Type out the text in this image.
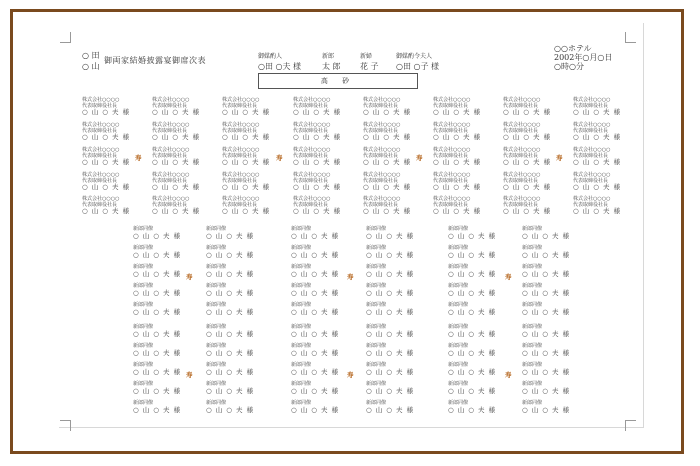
○ 田
○ 山
御両家結婚披露宴御席次表	御媒酌人
○田 ○夫 様
新郎
太 郎
新婦
花 子
御媒酌令夫人
○田 ○子 様
○○ホテル
2002年○月○日
○時○分
高 砂
株式会社○○○○
代表取締役社長
○ 山 ○ 夫 様
株式会社○○○○
代表取締役社長
○ 山 ○ 夫 様
株式会社○○○○
代表取締役社長
○ 山 ○ 夫 様
株式会社○○○○
代表取締役社長
○ 山 ○ 夫 様
株式会社○○○○
代表取締役社長
○ 山 ○ 夫 様
株式会社○○○○
代表取締役社長
○ 山 ○ 夫 様
株式会社○○○○
代表取締役社長
○ 山 ○ 夫 様
株式会社○○○○
代表取締役社長
○ 山 ○ 夫 様
株式会社○○○○
代表取締役社長
○ 山 ○ 夫 様
株式会社○○○○
代表取締役社長
○ 山 ○ 夫 様
株式会社○○○○
代表取締役社長
○ 山 ○ 夫 様
株式会社○○○○
代表取締役社長
○ 山 ○ 夫 様
株式会社○○○○
代表取締役社長
○ 山 ○ 夫 様
株式会社○○○○
代表取締役社長
○ 山 ○ 夫 様
株式会社○○○○
代表取締役社長
○ 山 ○ 夫 様
株式会社○○○○
代表取締役社長
○ 山 ○ 夫 様
株式会社○○○○
代表取締役社長
○ 山 ○ 夫 様
株式会社○○○○
代表取締役社長
○ 山 ○ 夫 様
株式会社○○○○
代表取締役社長
○ 山 ○ 夫 様
株式会社○○○○
代表取締役社長
○ 山 ○ 夫 様
株式会社○○○○
代表取締役社長
○ 山 ○ 夫 様
株式会社○○○○
代表取締役社長
○ 山 ○ 夫 様
株式会社○○○○
代表取締役社長
○ 山 ○ 夫 様
株式会社○○○○
代表取締役社長
○ 山 ○ 夫 様
株式会社○○○○
代表取締役社長
○ 山 ○ 夫 様
株式会社○○○○
代表取締役社長
○ 山 ○ 夫 様
株式会社○○○○
代表取締役社長
○ 山 ○ 夫 様
株式会社○○○○
代表取締役社長
○ 山 ○ 夫 様
株式会社○○○○
代表取締役社長
○ 山 ○ 夫 様
株式会社○○○○
代表取締役社長
○ 山 ○ 夫 様
株式会社○○○○
代表取締役社長
○ 山 ○ 夫 様
株式会社○○○○
代表取締役社長
○ 山 ○ 夫 様
株式会社○○○○
代表取締役社長
○ 山 ○ 夫 様
株式会社○○○○
代表取締役社長
○ 山 ○ 夫 様
株式会社○○○○
代表取締役社長
○ 山 ○ 夫 様
株式会社○○○○
代表取締役社長
○ 山 ○ 夫 様
株式会社○○○○
代表取締役社長
○ 山 ○ 夫 様
株式会社○○○○
代表取締役社長
○ 山 ○ 夫 様
株式会社○○○○
代表取締役社長
○ 山 ○ 夫 様
株式会社○○○○
代表取締役社長
○ 山 ○ 夫 様
寿	寿	寿	寿
新郎同僚
○ 山 ○ 夫 様
新郎同僚
○ 山 ○ 夫 様
新郎同僚
○ 山 ○ 夫 様
新郎同僚
○ 山 ○ 夫 様
新郎同僚
○ 山 ○ 夫 様
新郎同僚
○ 山 ○ 夫 様
新郎同僚
○ 山 ○ 夫 様
新郎同僚
○ 山 ○ 夫 様
新郎同僚
○ 山 ○ 夫 様
新郎同僚
○ 山 ○ 夫 様
新郎同僚
○ 山 ○ 夫 様
新郎同僚
○ 山 ○ 夫 様
新郎同僚
○ 山 ○ 夫 様
新郎同僚
○ 山 ○ 夫 様
新郎同僚
○ 山 ○ 夫 様
新郎同僚
○ 山 ○ 夫 様
新郎同僚
○ 山 ○ 夫 様
新郎同僚
○ 山 ○ 夫 様
新郎同僚
○ 山 ○ 夫 様
新郎同僚
○ 山 ○ 夫 様
新郎同僚
○ 山 ○ 夫 様
新郎同僚
○ 山 ○ 夫 様
新郎同僚
○ 山 ○ 夫 様
新郎同僚
○ 山 ○ 夫 様
新郎同僚
○ 山 ○ 夫 様
新郎同僚
○ 山 ○ 夫 様
新郎同僚
○ 山 ○ 夫 様
新郎同僚
○ 山 ○ 夫 様
新郎同僚
○ 山 ○ 夫 様
新郎同僚
○ 山 ○ 夫 様
寿	寿	寿
新郎同僚
○ 山 ○ 夫 様
新郎同僚
○ 山 ○ 夫 様
新郎同僚
○ 山 ○ 夫 様
新郎同僚
○ 山 ○ 夫 様
新郎同僚
○ 山 ○ 夫 様
新郎同僚
○ 山 ○ 夫 様
新郎同僚
○ 山 ○ 夫 様
新郎同僚
○ 山 ○ 夫 様
新郎同僚
○ 山 ○ 夫 様
新郎同僚
○ 山 ○ 夫 様
新郎同僚
○ 山 ○ 夫 様
新郎同僚
○ 山 ○ 夫 様
新郎同僚
○ 山 ○ 夫 様
新郎同僚
○ 山 ○ 夫 様
新郎同僚
○ 山 ○ 夫 様
新郎同僚
○ 山 ○ 夫 様
新郎同僚
○ 山 ○ 夫 様
新郎同僚
○ 山 ○ 夫 様
新郎同僚
○ 山 ○ 夫 様
新郎同僚
○ 山 ○ 夫 様
新郎同僚
○ 山 ○ 夫 様
新郎同僚
○ 山 ○ 夫 様
新郎同僚
○ 山 ○ 夫 様
新郎同僚
○ 山 ○ 夫 様
新郎同僚
○ 山 ○ 夫 様
新郎同僚
○ 山 ○ 夫 様
新郎同僚
○ 山 ○ 夫 様
新郎同僚
○ 山 ○ 夫 様
新郎同僚
○ 山 ○ 夫 様
新郎同僚
○ 山 ○ 夫 様
寿	寿	寿
